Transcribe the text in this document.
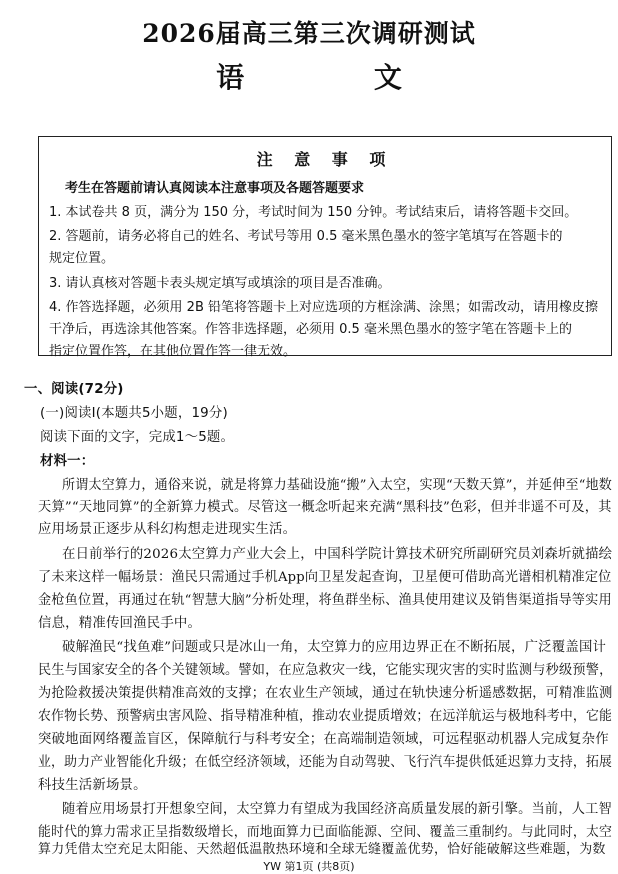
2026届高三第三次调研测试
语 文
注 意 事 项
考生在答题前请认真阅读本注意事项及各题答题要求
1. 本试卷共 8 页，满分为 150 分，考试时间为 150 分钟。考试结束后，请将答题卡交回。
2. 答题前，请务必将自己的姓名、考试号等用 0.5 毫米黑色墨水的签字笔填写在答题卡的
规定位置。
3. 请认真核对答题卡表头规定填写或填涂的项目是否准确。
4. 作答选择题，必须用 2B 铅笔将答题卡上对应选项的方框涂满、涂黑；如需改动，请用橡皮擦
干净后，再选涂其他答案。作答非选择题，必须用 0.5 毫米黑色墨水的签字笔在答题卡上的
指定位置作答，在其他位置作答一律无效。
一、阅读(72分)
(一)阅读Ⅰ(本题共5小题，19分)
阅读下面的文字，完成1～5题。
材料一：
所谓太空算力，通俗来说，就是将算力基础设施“搬”入太空，实现“天数天算”，并延伸至“地数
天算”“天地同算”的全新算力模式。尽管这一概念听起来充满“黑科技”色彩，但并非遥不可及，其
应用场景正逐步从科幻构想走进现实生活。
在日前举行的2026太空算力产业大会上，中国科学院计算技术研究所副研究员刘森圻就描绘
了未来这样一幅场景：渔民只需通过手机App向卫星发起查询，卫星便可借助高光谱相机精准定位
金枪鱼位置，再通过在轨“智慧大脑”分析处理，将鱼群坐标、渔具使用建议及销售渠道指导等实用
信息，精准传回渔民手中。
破解渔民“找鱼难”问题或只是冰山一角，太空算力的应用边界正在不断拓展，广泛覆盖国计
民生与国家安全的各个关键领域。譬如，在应急救灾一线，它能实现灾害的实时监测与秒级预警，
为抢险救援决策提供精准高效的支撑；在农业生产领域，通过在轨快速分析遥感数据，可精准监测
农作物长势、预警病虫害风险、指导精准种植，推动农业提质增效；在远洋航运与极地科考中，它能
突破地面网络覆盖盲区，保障航行与科考安全；在高端制造领域，可远程驱动机器人完成复杂作
业，助力产业智能化升级；在低空经济领域，还能为自动驾驶、飞行汽车提供低延迟算力支持，拓展
科技生活新场景。
随着应用场景打开想象空间，太空算力有望成为我国经济高质量发展的新引擎。当前，人工智
能时代的算力需求正呈指数级增长，而地面算力已面临能源、空间、覆盖三重制约。与此同时，太空
YW 第1页 (共8页)
算力凭借太空充足太阳能、天然超低温散热环境和全球无缝覆盖优势，恰好能破解这些难题，为数
